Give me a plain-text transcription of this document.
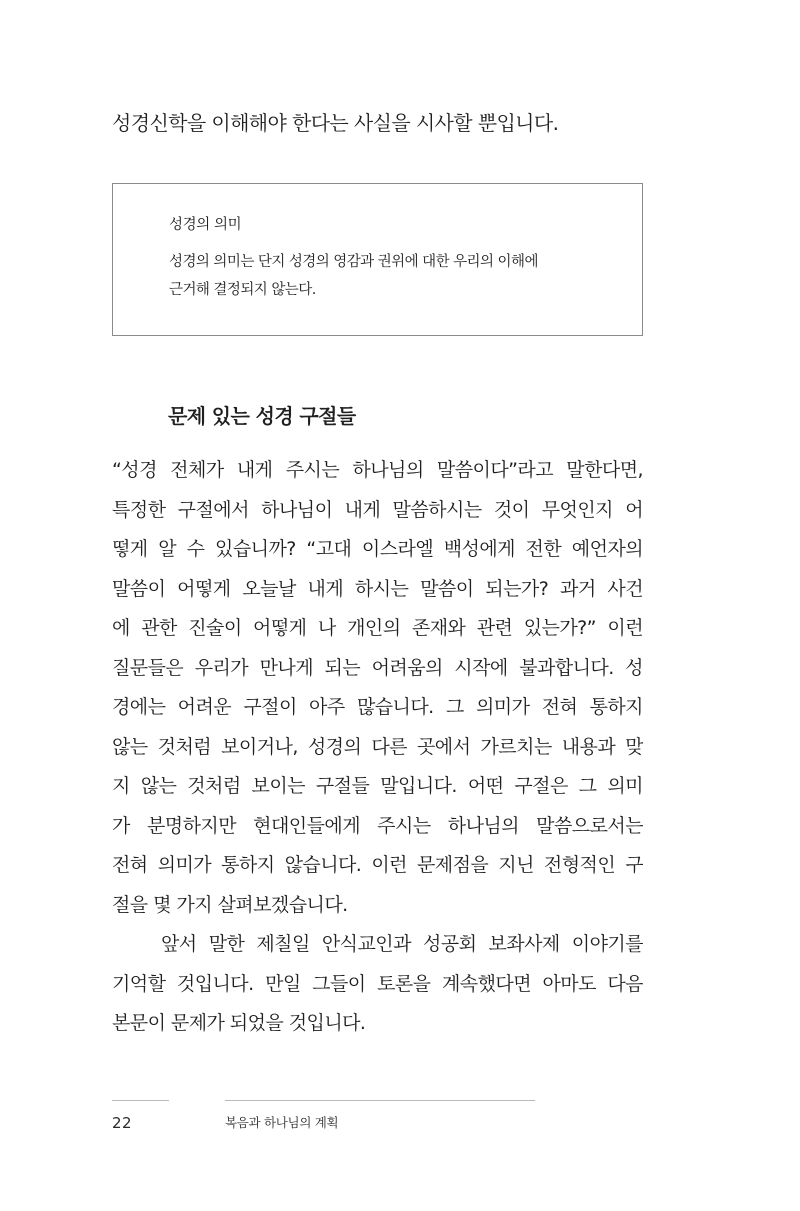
성경신학을 이해해야 한다는 사실을 시사할 뿐입니다.
성경의 의미
성경의 의미는 단지 성경의 영감과 권위에 대한 우리의 이해에
근거해 결정되지 않는다.
문제 있는 성경 구절들
“성경 전체가 내게 주시는 하나님의 말씀이다”라고 말한다면,
특정한 구절에서 하나님이 내게 말씀하시는 것이 무엇인지 어
떻게 알 수 있습니까? “고대 이스라엘 백성에게 전한 예언자의
말씀이 어떻게 오늘날 내게 하시는 말씀이 되는가? 과거 사건
에 관한 진술이 어떻게 나 개인의 존재와 관련 있는가?” 이런
질문들은 우리가 만나게 되는 어려움의 시작에 불과합니다. 성
경에는 어려운 구절이 아주 많습니다. 그 의미가 전혀 통하지
않는 것처럼 보이거나, 성경의 다른 곳에서 가르치는 내용과 맞
지 않는 것처럼 보이는 구절들 말입니다. 어떤 구절은 그 의미
가 분명하지만 현대인들에게 주시는 하나님의 말씀으로서는
전혀 의미가 통하지 않습니다. 이런 문제점을 지닌 전형적인 구
절을 몇 가지 살펴보겠습니다.
앞서 말한 제칠일 안식교인과 성공회 보좌사제 이야기를
기억할 것입니다. 만일 그들이 토론을 계속했다면 아마도 다음
본문이 문제가 되었을 것입니다.
22	복음과 하나님의 계획
